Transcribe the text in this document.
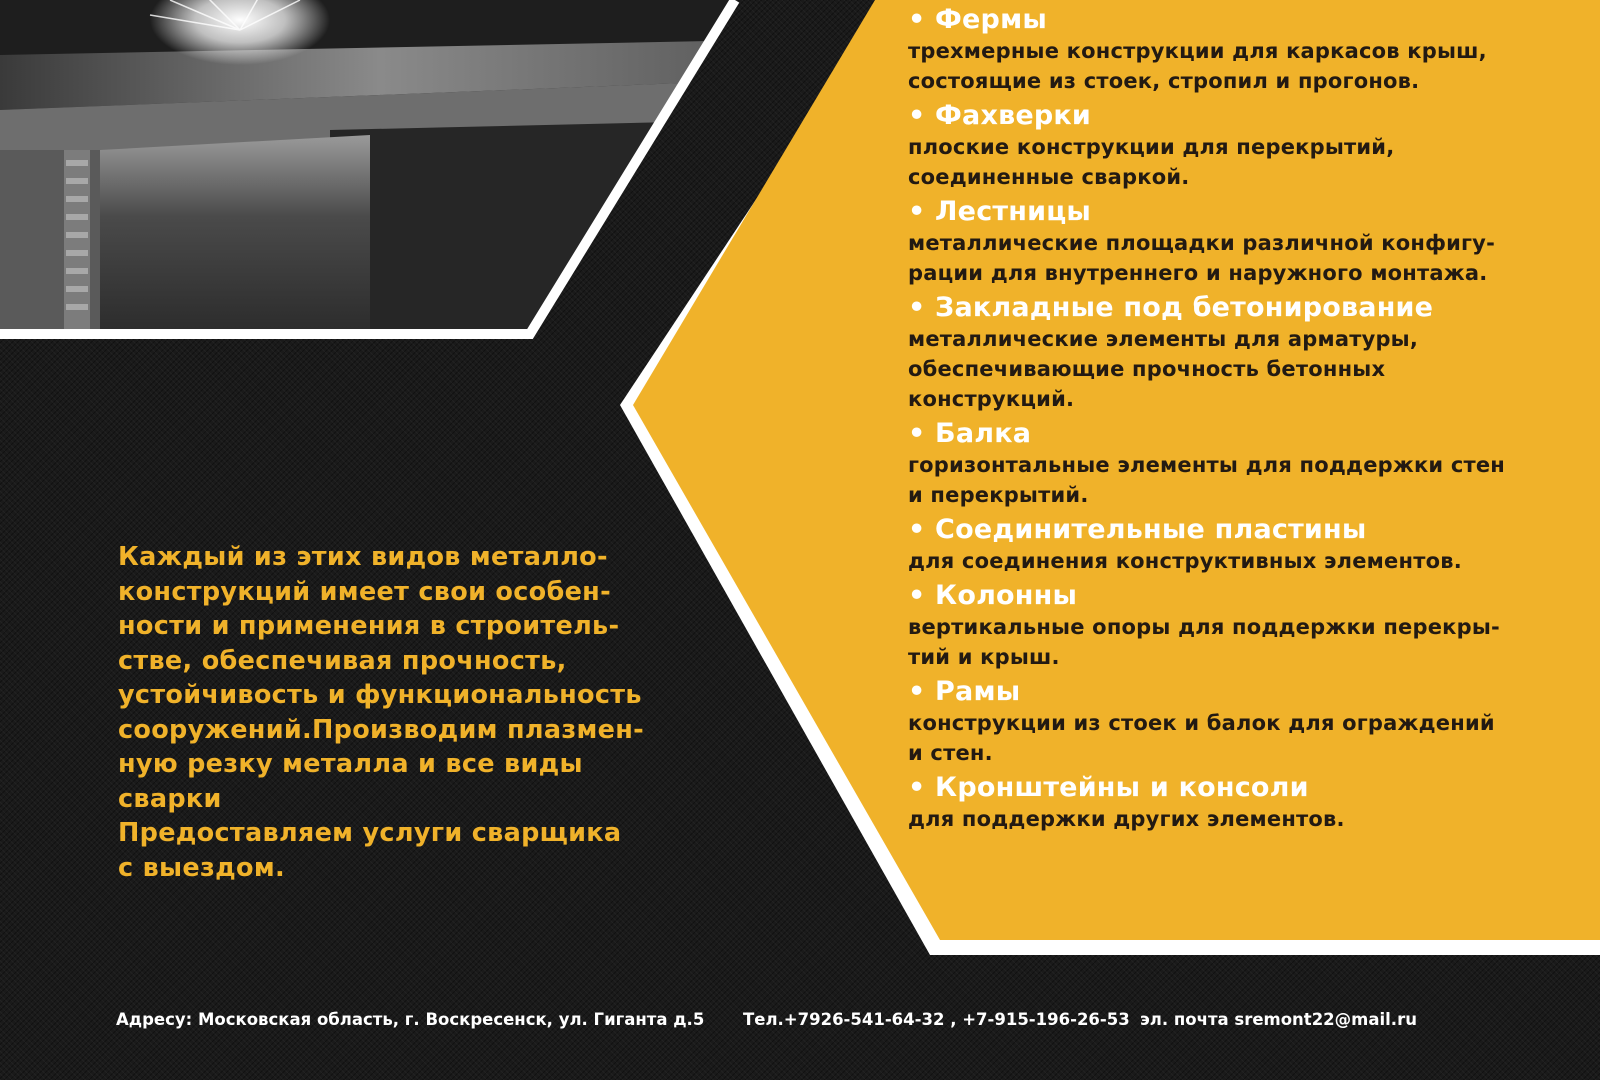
• Фермы
трехмерные конструкции для каркасов крыш,
состоящие из стоек, стропил и прогонов.
• Фахверки
плоские конструкции для перекрытий,
соединенные сваркой.
• Лестницы
металлические площадки различной конфигу-
рации для внутреннего и наружного монтажа.
• Закладные под бетонирование
металлические элементы для арматуры,
обеспечивающие прочность бетонных
конструкций.
• Балка
горизонтальные элементы для поддержки стен
и перекрытий.
• Соединительные пластины
для соединения конструктивных элементов.
• Колонны
вертикальные опоры для поддержки перекры-
тий и крыш.
• Рамы
конструкции из стоек и балок для ограждений
и стен.
• Кронштейны и консоли
для поддержки других элементов.
Каждый из этих видов металло-
конструкций имеет свои особен-
ности и применения в строитель-
стве, обеспечивая прочность,
устойчивость и функциональность
сооружений.Производим плазмен-
ную резку металла и все виды
сварки
Предоставляем услуги сварщика
с выездом.
Адресу: Московская область, г. Воскресенск, ул. Гиганта д.5 Тел.+7926-541-64-32 , +7-915-196-26-53 эл. почта sremont22@mail.ru
